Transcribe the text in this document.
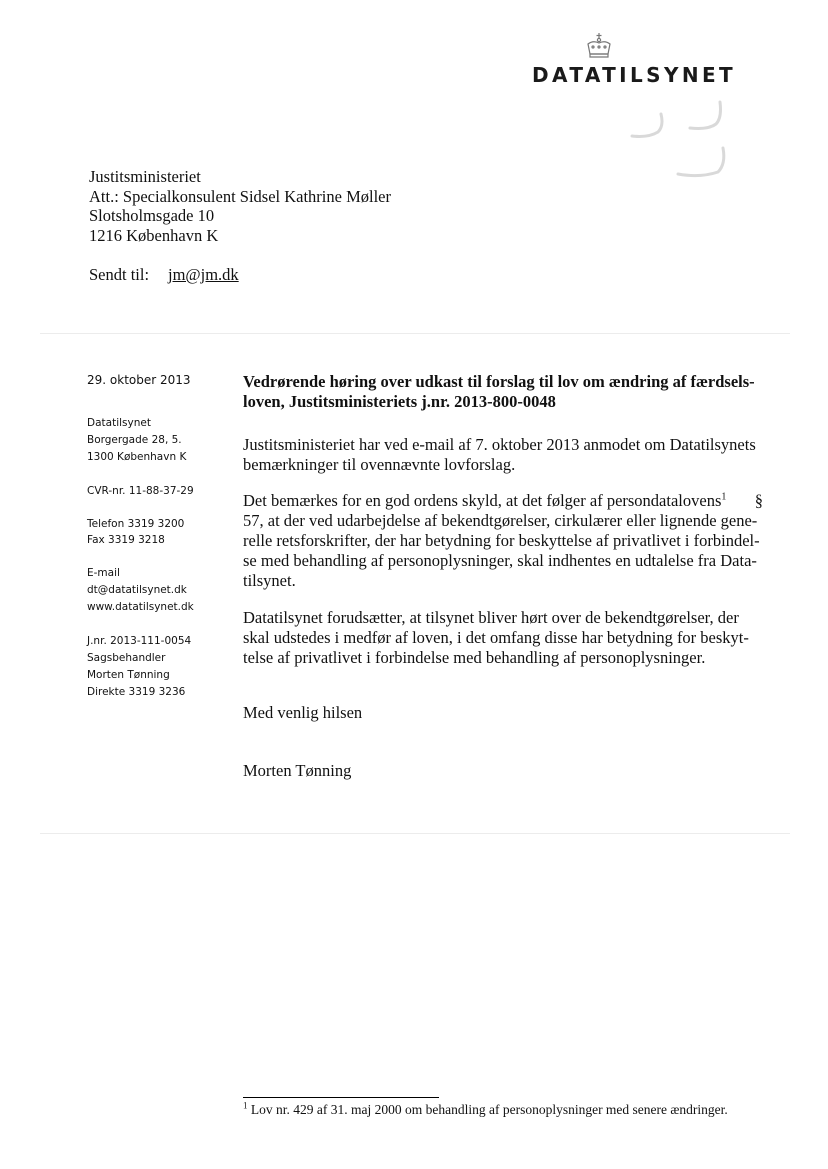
DATATILSYNET
Justitsministeriet
Att.: Specialkonsulent Sidsel Kathrine Møller
Slotsholmsgade 10
1216 København K
Sendt til: jm@jm.dk
29. oktober 2013
Datatilsynet
Borgergade 28, 5.
1300 København K
CVR-nr. 11-88-37-29
Telefon 3319 3200
Fax 3319 3218
E-mail
dt@datatilsynet.dk
www.datatilsynet.dk
J.nr. 2013-111-0054
Sagsbehandler
Morten Tønning
Direkte 3319 3236
Vedrørende høring over udkast til forslag til lov om ændring af færdsels-
loven, Justitsministeriets j.nr. 2013-800-0048
Justitsministeriet har ved e-mail af 7. oktober 2013 anmodet om Datatilsynets
bemærkninger til ovennævnte lovforslag.
Det bemærkes for en god ordens skyld, at det følger af persondatalovens$^1$ §
57, at der ved udarbejdelse af bekendtgørelser, cirkulærer eller lignende gene-
relle retsforskrifter, der har betydning for beskyttelse af privatlivet i forbindel-
se med behandling af personoplysninger, skal indhentes en udtalelse fra Data-
tilsynet.
Datatilsynet forudsætter, at tilsynet bliver hørt over de bekendtgørelser, der
skal udstedes i medfør af loven, i det omfang disse har betydning for beskyt-
telse af privatlivet i forbindelse med behandling af personoplysninger.
Med venlig hilsen
Morten Tønning
$^1$ Lov nr. 429 af 31. maj 2000 om behandling af personoplysninger med senere ændringer.
